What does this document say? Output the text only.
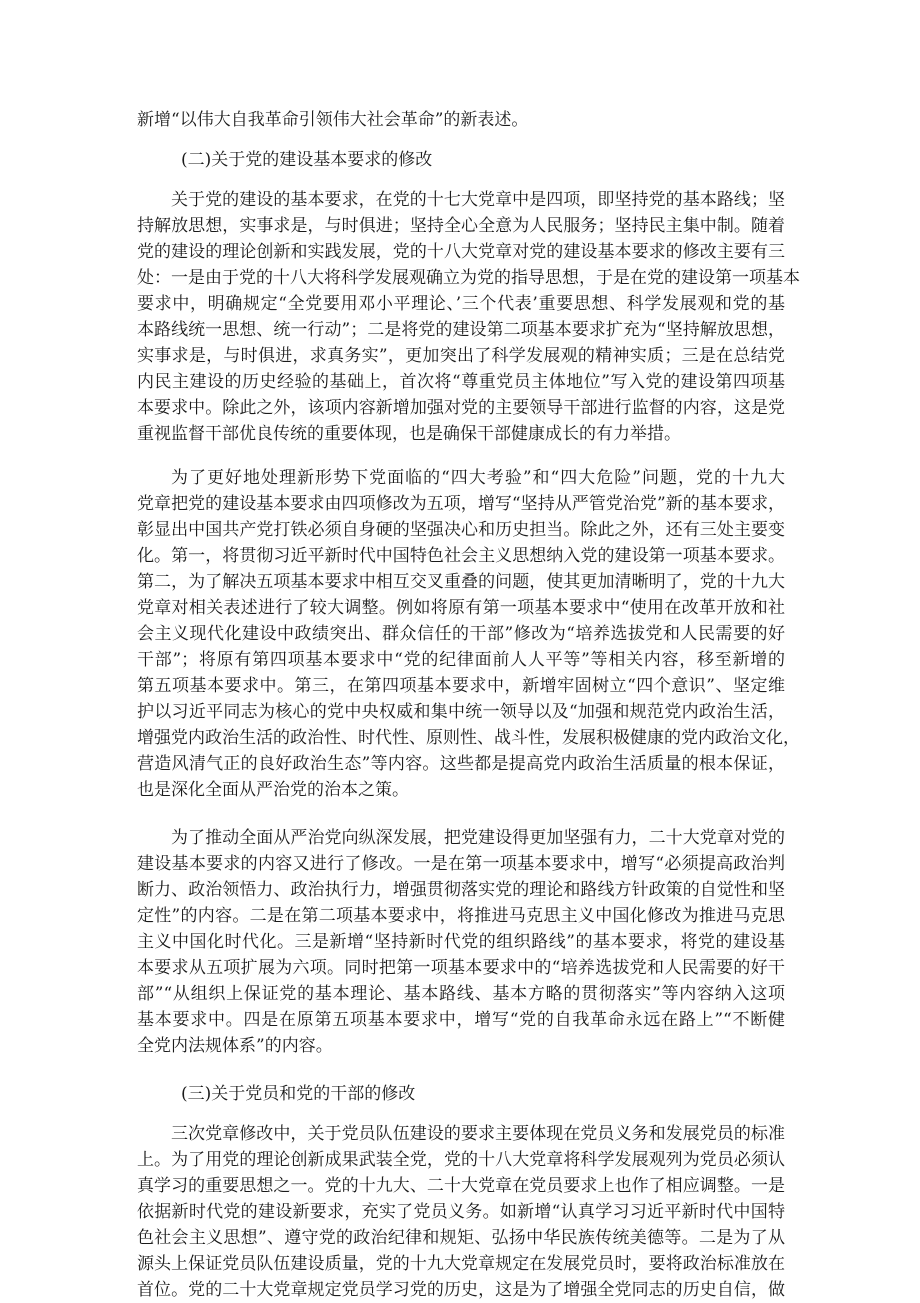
新增“以伟大自我革命引领伟大社会革命”的新表述。
(二)关于党的建设基本要求的修改
关于党的建设的基本要求，在党的十七大党章中是四项，即坚持党的基本路线；坚
持解放思想，实事求是，与时俱进；坚持全心全意为人民服务；坚持民主集中制。随着
党的建设的理论创新和实践发展，党的十八大党章对党的建设基本要求的修改主要有三
处：一是由于党的十八大将科学发展观确立为党的指导思想，于是在党的建设第一项基本
要求中，明确规定“全党要用邓小平理论、’三个代表’重要思想、科学发展观和党的基
本路线统一思想、统一行动”；二是将党的建设第二项基本要求扩充为“坚持解放思想，
实事求是，与时俱进，求真务实”，更加突出了科学发展观的精神实质；三是在总结党
内民主建设的历史经验的基础上，首次将“尊重党员主体地位”写入党的建设第四项基
本要求中。除此之外，该项内容新增加强对党的主要领导干部进行监督的内容，这是党
重视监督干部优良传统的重要体现，也是确保干部健康成长的有力举措。
为了更好地处理新形势下党面临的“四大考验”和“四大危险”问题，党的十九大
党章把党的建设基本要求由四项修改为五项，增写“坚持从严管党治党”新的基本要求，
彰显出中国共产党打铁必须自身硬的坚强决心和历史担当。除此之外，还有三处主要变
化。第一，将贯彻习近平新时代中国特色社会主义思想纳入党的建设第一项基本要求。
第二，为了解决五项基本要求中相互交叉重叠的问题，使其更加清晰明了，党的十九大
党章对相关表述进行了较大调整。例如将原有第一项基本要求中“使用在改革开放和社
会主义现代化建设中政绩突出、群众信任的干部”修改为“培养选拔党和人民需要的好
干部”；将原有第四项基本要求中“党的纪律面前人人平等”等相关内容，移至新增的
第五项基本要求中。第三，在第四项基本要求中，新增牢固树立“四个意识”、坚定维
护以习近平同志为核心的党中央权威和集中统一领导以及“加强和规范党内政治生活，
增强党内政治生活的政治性、时代性、原则性、战斗性，发展积极健康的党内政治文化，
营造风清气正的良好政治生态”等内容。这些都是提高党内政治生活质量的根本保证，
也是深化全面从严治党的治本之策。
为了推动全面从严治党向纵深发展，把党建设得更加坚强有力，二十大党章对党的
建设基本要求的内容又进行了修改。一是在第一项基本要求中，增写“必须提高政治判
断力、政治领悟力、政治执行力，增强贯彻落实党的理论和路线方针政策的自觉性和坚
定性”的内容。二是在第二项基本要求中，将推进马克思主义中国化修改为推进马克思
主义中国化时代化。三是新增“坚持新时代党的组织路线”的基本要求，将党的建设基
本要求从五项扩展为六项。同时把第一项基本要求中的“培养选拔党和人民需要的好干
部”“从组织上保证党的基本理论、基本路线、基本方略的贯彻落实”等内容纳入这项
基本要求中。四是在原第五项基本要求中，增写“党的自我革命永远在路上”“不断健
全党内法规体系”的内容。
(三)关于党员和党的干部的修改
三次党章修改中，关于党员队伍建设的要求主要体现在党员义务和发展党员的标准
上。为了用党的理论创新成果武装全党，党的十八大党章将科学发展观列为党员必须认
真学习的重要思想之一。党的十九大、二十大党章在党员要求上也作了相应调整。一是
依据新时代党的建设新要求，充实了党员义务。如新增“认真学习习近平新时代中国特
色社会主义思想”、遵守党的政治纪律和规矩、弘扬中华民族传统美德等。二是为了从
源头上保证党员队伍建设质量，党的十九大党章规定在发展党员时，要将政治标准放在
首位。党的二十大党章规定党员学习党的历史，这是为了增强全党同志的历史自信，做
